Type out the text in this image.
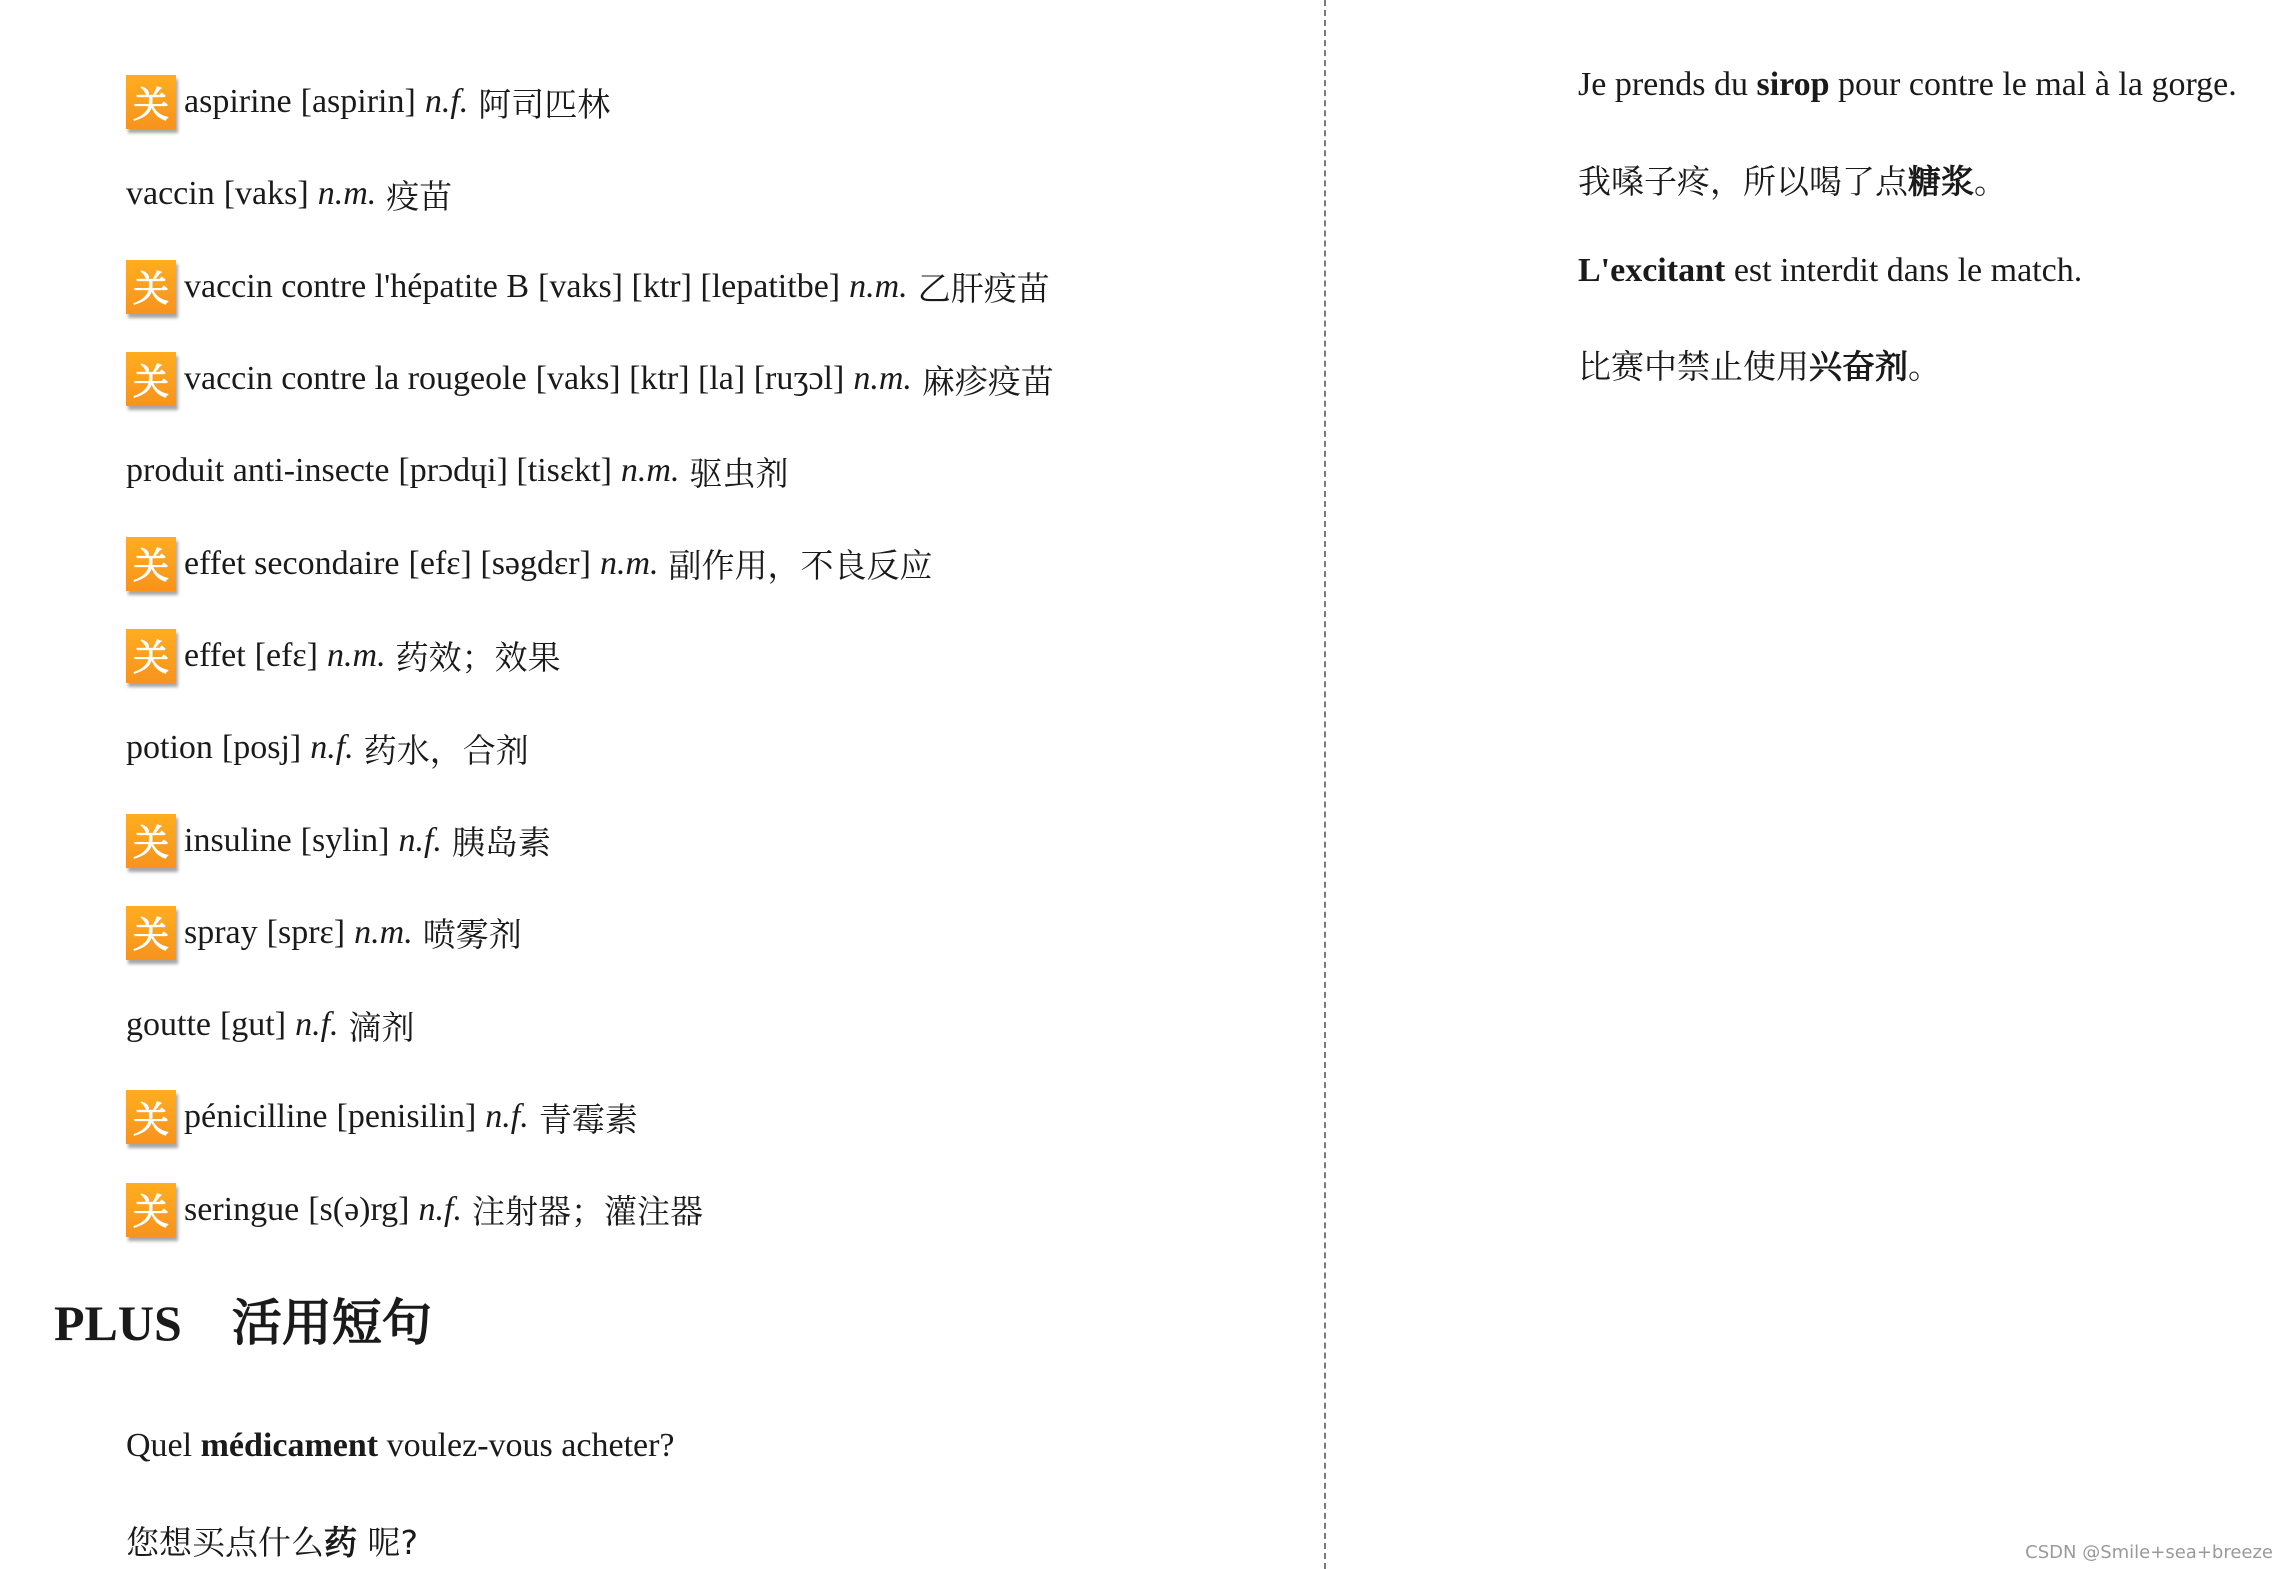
关 aspirine [aspirin] n.f. 阿司匹林
vaccin [vaks] n.m. 疫苗
关 vaccin contre l'hépatite B [vaks] [ktr] [lepatitbe] n.m. 乙肝疫苗
关 vaccin contre la rougeole [vaks] [ktr] [la] [ruʒɔl] n.m. 麻疹疫苗
produit anti-insecte [prɔdɥi] [tisɛkt] n.m. 驱虫剂
关 effet secondaire [efɛ] [səgdɛr] n.m. 副作用，不良反应
关 effet [efɛ] n.m. 药效；效果
potion [posj] n.f. 药水，合剂
关 insuline [sylin] n.f. 胰岛素
关 spray [sprɛ] n.m. 喷雾剂
goutte [gut] n.f. 滴剂
关 pénicilline [penisilin] n.f. 青霉素
关 seringue [s(ə)rg] n.f. 注射器；灌注器
PLUS 活用短句
Quel médicament voulez-vous acheter?
您想买点什么药 呢?
Je prends du sirop pour contre le mal à la gorge.
我嗓子疼，所以喝了点糖浆。
L'excitant est interdit dans le match.
比赛中禁止使用兴奋剂。
CSDN @Smile+sea+breeze
